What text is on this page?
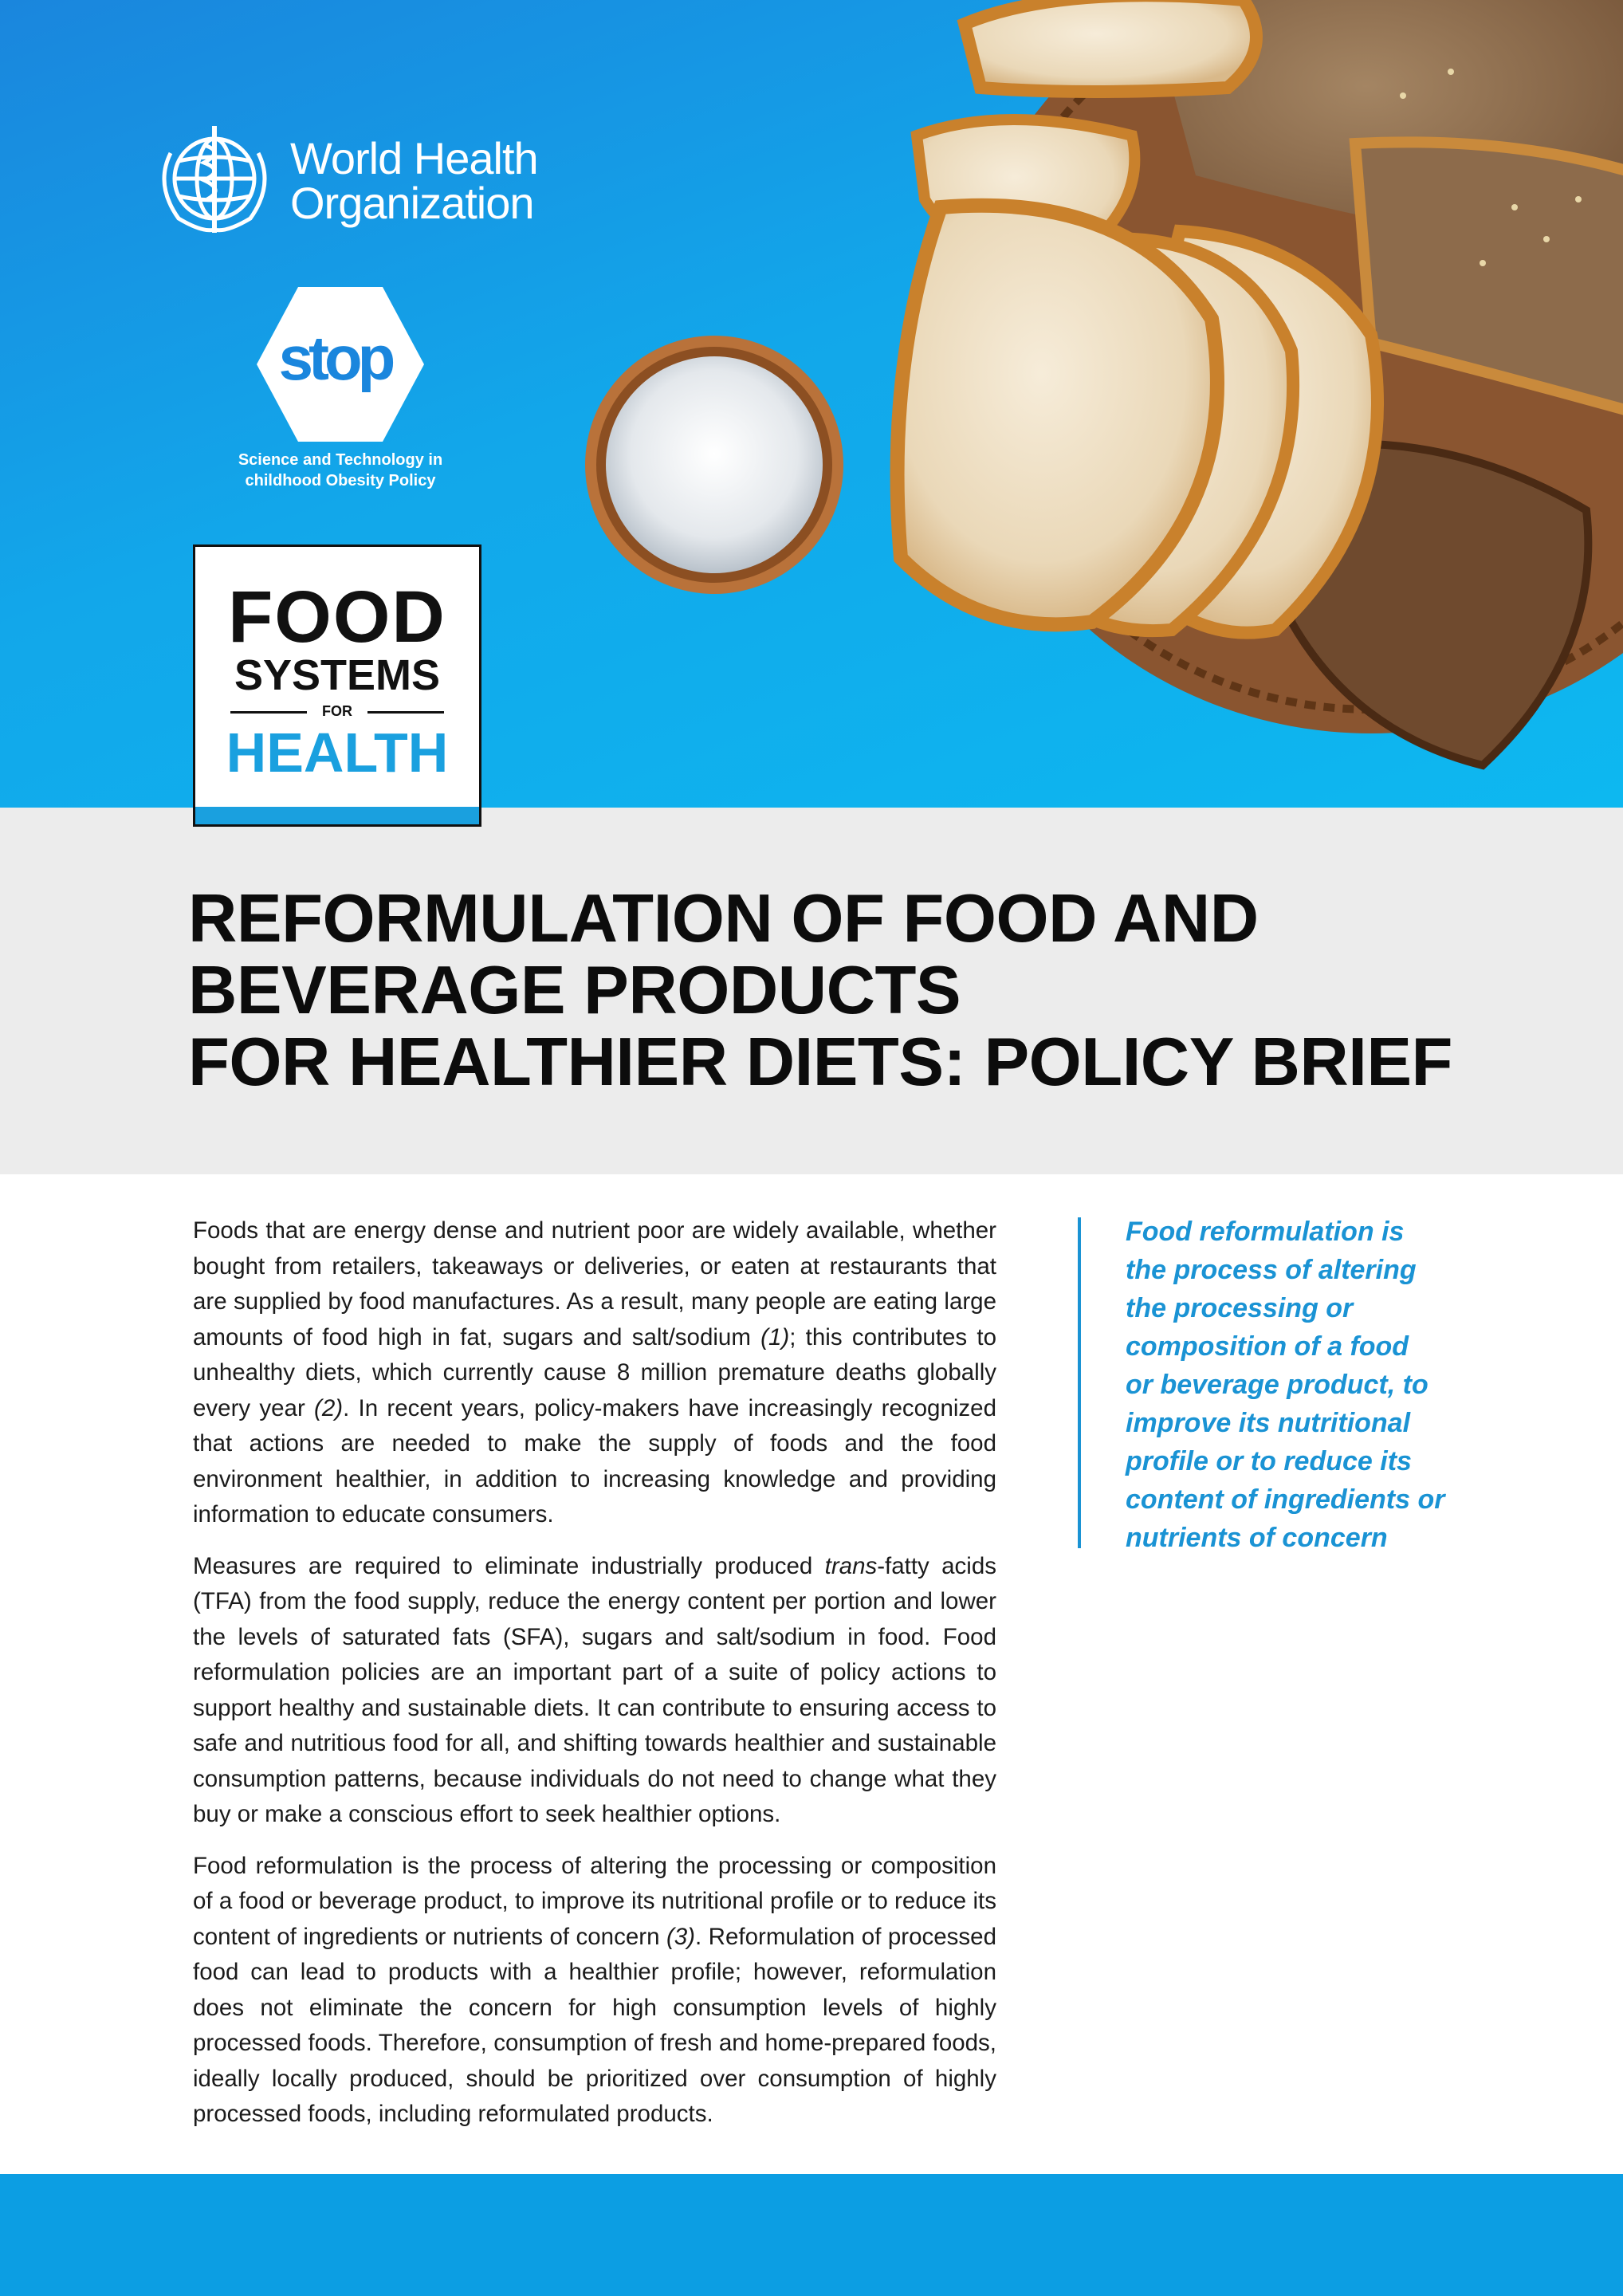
World Health
Organization
stop
Science and Technology in
childhood Obesity Policy
FOOD
SYSTEMS
FOR
HEALTH
REFORMULATION OF FOOD AND
BEVERAGE PRODUCTS
FOR HEALTHIER DIETS: POLICY BRIEF

Foods that are energy dense and nutrient poor are widely available, whether bought from retailers, takeaways or deliveries, or eaten at restaurants that are supplied by food manufactures. As a result, many people are eating large amounts of food high in fat, sugars and salt/sodium (1); this contributes to unhealthy diets, which currently cause 8 million premature deaths globally every year (2). In recent years, policy-makers have increasingly recognized that actions are needed to make the supply of foods and the food environment healthier, in addition to increasing knowledge and providing information to educate consumers.

Measures are required to eliminate industrially produced trans-fatty acids (TFA) from the food supply, reduce the energy content per portion and lower the levels of saturated fats (SFA), sugars and salt/sodium in food. Food reformulation policies are an important part of a suite of policy actions to support healthy and sustainable diets. It can contribute to ensuring access to safe and nutritious food for all, and shifting towards healthier and sustainable consumption patterns, because individuals do not need to change what they buy or make a conscious effort to seek healthier options.

Food reformulation is the process of altering the processing or composition of a food or beverage product, to improve its nutritional profile or to reduce its content of ingredients or nutrients of concern (3). Reformulation of processed food can lead to products with a healthier profile; however, reformulation does not eliminate the concern for high consumption levels of highly processed foods. Therefore, consumption of fresh and home-prepared foods, ideally locally produced, should be prioritized over consumption of highly processed foods, including reformulated products.

Food reformulation is
the process of altering
the processing or
composition of a food
or beverage product, to
improve its nutritional
profile or to reduce its
content of ingredients or
nutrients of concern
